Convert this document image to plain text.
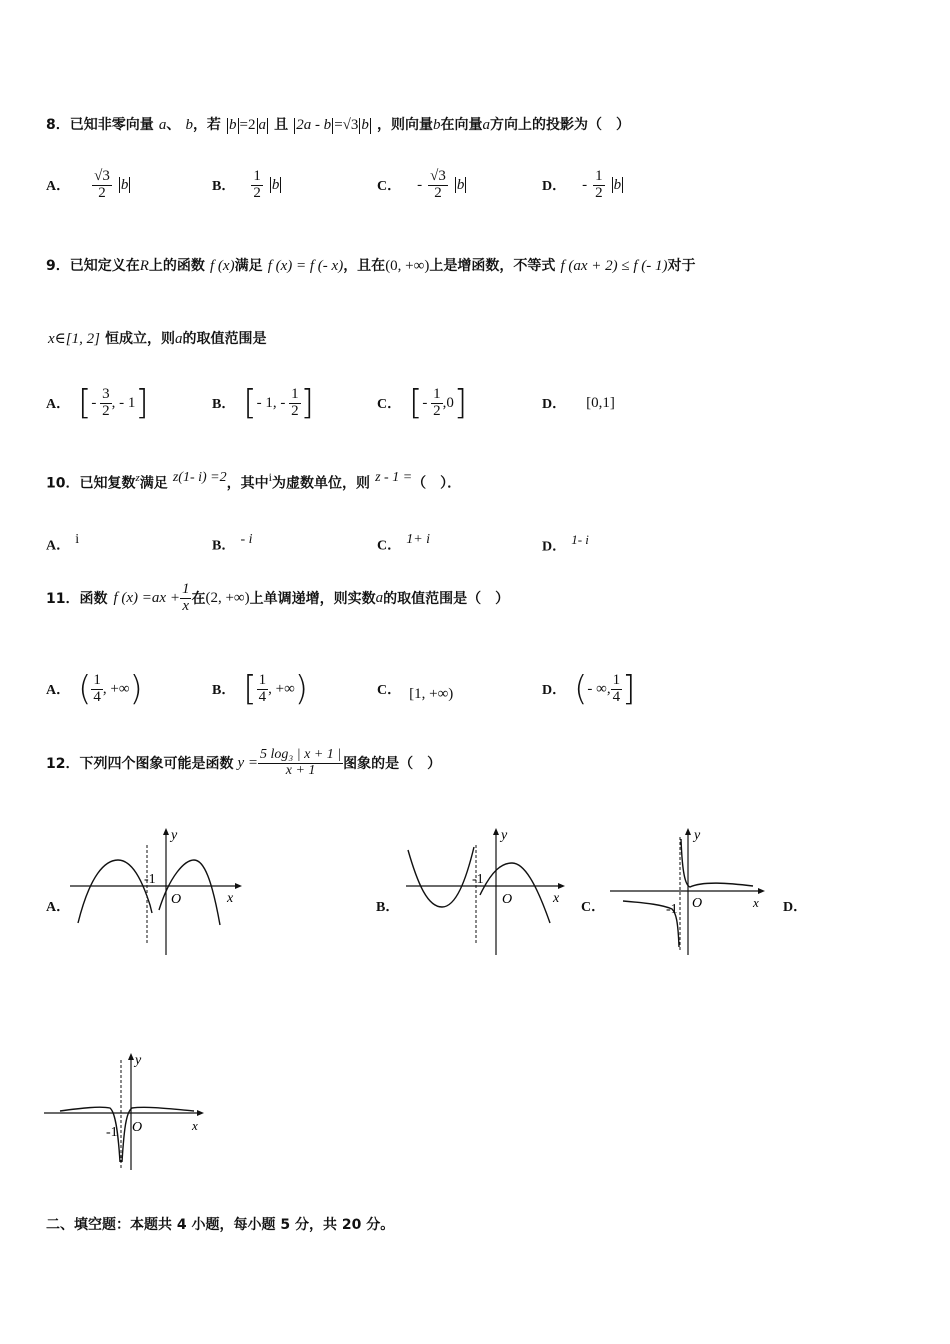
8．已知非零向量 a、 b，若 b =2 a 且 2a - b =√3 b ，则向量b在向量a方向上的投影为（　）
A． $\frac{√3}{2}$ b	B． $\frac{1}{2}$ b	C． - $\frac{√3}{2}$ b	D． - $\frac{1}{2}$ b
9．已知定义在R上的函数 f (x)满足 f (x) = f (- x)，且在(0, +∞)上是增函数，不等式 f (ax + 2) ≤ f (- 1)对于
x∈[1, 2] 恒成立，则a的取值范围是
A． [ - $\frac{3}{2}$ , - 1 ]	B． [ - 1, - $\frac{1}{2}$ ]	C． [ - $\frac{1}{2} ,0$ ]	D． [0,1]
10．已知复数$^z$满足 $^{z(1- i) =2}$，其中$^i$为虚数单位，则 $^{z - 1 =}$（　）．
A． $^i$	B． $^{- i}$	C． $^{1+ i}$	D． $^{1- i}$
11． 函数 f $(x) =ax + \frac{1}{x}$ 在 (2, +∞) 上单调递增，则实数 a 的取值范围是（　）
A． ( $\frac{1}{4}$ , +∞ )	B． [ $\frac{1}{4}$ , +∞ )	C． [1, +∞)	D． ( - ∞, $\frac{1}{4}$ ]
12． 下列四个图象可能是函数 $y = \frac{\text{5 log₃ | x + 1 |}}{x + 1}$ 图象的是（　）
A．	B．	C．	D．
y
x
O
-1
y
x
O
-1
y
x
O
-1
y
x
O
-1
二、填空题：本题共 4 小题，每小题 5 分，共 20 分。
